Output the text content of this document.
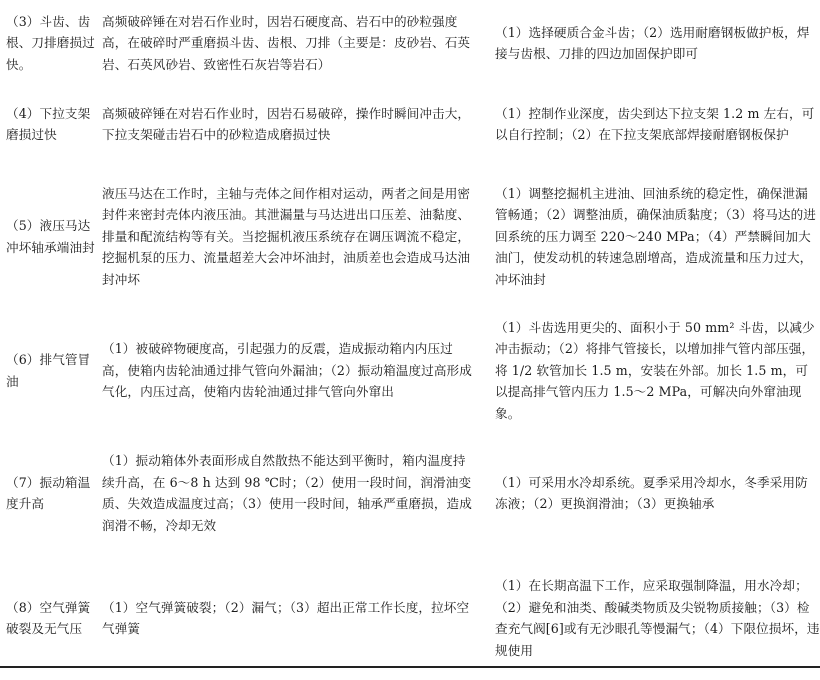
（3）斗齿、齿根、刀排磨损过快。	高频破碎锤在对岩石作业时，因岩石硬度高、岩石中的砂粒强度高，在破碎时严重磨损斗齿、齿根、刀排（主要是：皮砂岩、石英岩、石英风砂岩、致密性石灰岩等岩石）	（1）选择硬质合金斗齿；（2）选用耐磨钢板做护板，焊接与齿根、刀排的四边加固保护即可
（4）下拉支架磨损过快	高频破碎锤在对岩石作业时，因岩石易破碎，操作时瞬间冲击大，下拉支架碰击岩石中的砂粒造成磨损过快	（1）控制作业深度，齿尖到达下拉支架 1.2 m 左右，可以自行控制；（2）在下拉支架底部焊接耐磨钢板保护
（5）液压马达冲坏轴承端油封	液压马达在工作时，主轴与壳体之间作相对运动，两者之间是用密封件来密封壳体内液压油。其泄漏量与马达进出口压差、油黏度、排量和配流结构等有关。当挖掘机液压系统存在调压调流不稳定，挖掘机泵的压力、流量超差大会冲坏油封，油质差也会造成马达油封冲坏	（1）调整挖掘机主进油、回油系统的稳定性，确保泄漏管畅通；（2）调整油质，确保油质黏度；（3）将马达的进回系统的压力调至 220～240 MPa；（4）严禁瞬间加大油门，使发动机的转速急剧增高，造成流量和压力过大，冲坏油封
（6）排气管冒油	（1）被破碎物硬度高，引起强力的反震，造成振动箱内内压过高，使箱内齿轮油通过排气管向外漏油；（2）振动箱温度过高形成气化，内压过高，使箱内齿轮油通过排气管向外窜出	（1）斗齿选用更尖的、面积小于 50 mm² 斗齿，以减少冲击振动；（2）将排气管接长，以增加排气管内部压强，将 1/2 软管加长 1.5 m，安装在外部。加长 1.5 m，可以提高排气管内压力 1.5～2 MPa，可解决向外窜油现象。
（7）振动箱温度升高	（1）振动箱体外表面形成自然散热不能达到平衡时，箱内温度持续升高，在 6～8 h 达到 98 ℃时；（2）使用一段时间，润滑油变质、失效造成温度过高；（3）使用一段时间，轴承严重磨损，造成润滑不畅，冷却无效	（1）可采用水冷却系统。夏季采用冷却水，冬季采用防冻液；（2）更换润滑油；（3）更换轴承
（8）空气弹簧破裂及无气压	（1）空气弹簧破裂；（2）漏气；（3）超出正常工作长度，拉坏空气弹簧	（1）在长期高温下工作，应采取强制降温，用水冷却；（2）避免和油类、酸碱类物质及尖锐物质接触；（3）检查充气阀[6]或有无沙眼孔等慢漏气；（4）下限位损坏，违规使用
